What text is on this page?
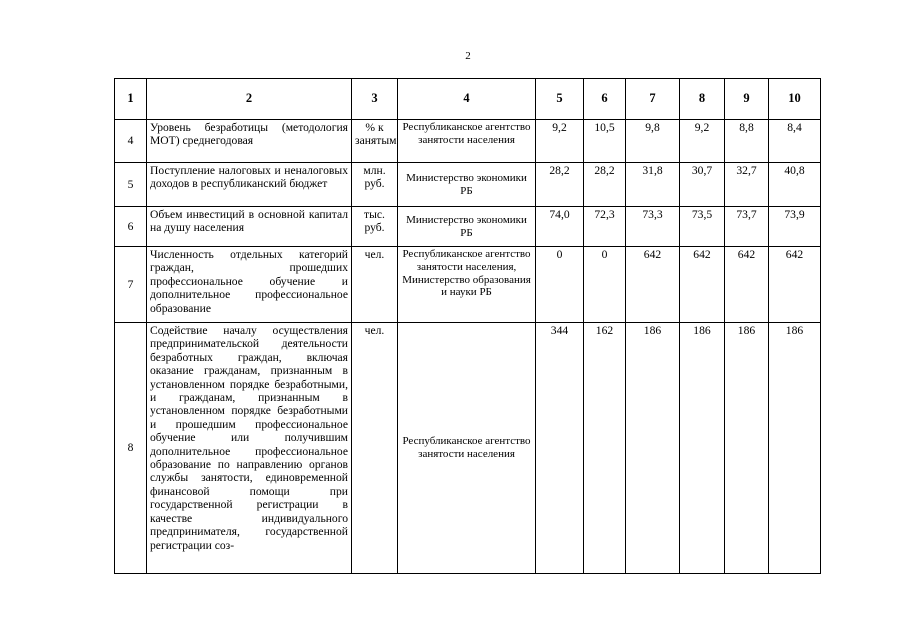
2
1	2	3	4	5	6	7	8	9	10
4	Уровень безработицы (методология МОТ) среднегодовая	% к занятым	Республиканское агентство занятости населения	9,2	10,5	9,8	9,2	8,8	8,4
5	Поступление налоговых и неналоговых доходов в республиканский бюджет	млн. руб.	Министерство экономики РБ	28,2	28,2	31,8	30,7	32,7	40,8
6	Объем инвестиций в основной капитал на душу населения	тыс. руб.	Министерство экономики РБ	74,0	72,3	73,3	73,5	73,7	73,9
7	Численность отдельных категорий граждан, прошедших профессиональное обучение и дополнительное профессиональное образование	чел.	Республиканское агентство занятости населения, Министерство образования и науки РБ	0	0	642	642	642	642
8	Содействие началу осуществления предпринимательской деятельности безработных граждан, включая оказание гражданам, признанным в установленном порядке безработными, и гражданам, признанным в установленном порядке безработными и прошедшим профессиональное обучение или получившим дополнительное профессиональное образование по направлению органов службы занятости, единовременной финансовой помощи при государственной регистрации в качестве индивидуального предпринимателя, государственной регистрации соз-	чел.	Республиканское агентство занятости населения	344	162	186	186	186	186
